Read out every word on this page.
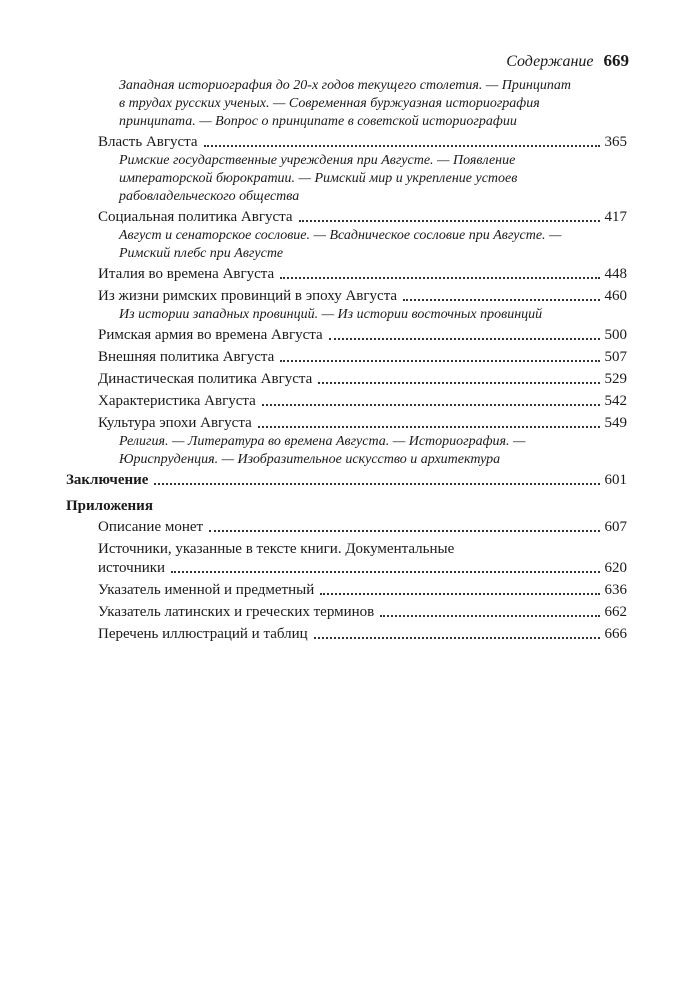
Содержание 669
Западная историография до 20-х годов текущего столетия. — Принципат
в трудах русских ученых. — Современная буржуазная историография
принципата. — Вопрос о принципате в советской историографии
Власть Августа	365
Римские государственные учреждения при Августе. — Появление
императорской бюрократии. — Римский мир и укрепление устоев
рабовладельческого общества
Социальная политика Августа	417
Август и сенаторское сословие. — Всадническое сословие при Августе. —
Римский плебс при Августе
Италия во времена Августа	448
Из жизни римских провинций в эпоху Августа	460
Из истории западных провинций. — Из истории восточных провинций
Римская армия во времена Августа	500
Внешняя политика Августа	507
Династическая политика Августа	529
Характеристика Августа	542
Культура эпохи Августа	549
Религия. — Литература во времена Августа. — Историография. —
Юриспруденция. — Изобразительное искусство и архитектура
Заключение	601
Приложения
Описание монет	607
Источники, указанные в тексте книги. Документальные
источники	620
Указатель именной и предметный	636
Указатель латинских и греческих терминов	662
Перечень иллюстраций и таблиц	666
